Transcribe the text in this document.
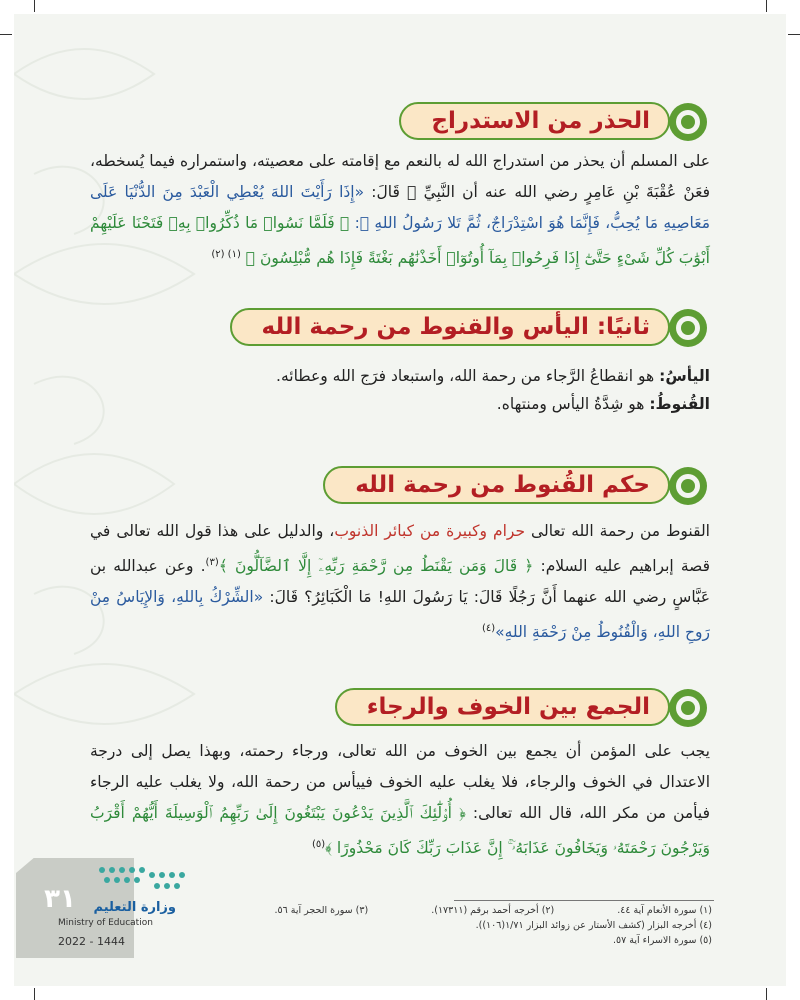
الحذر من الاستدراج
على المسلم أن يحذر من استدراج الله له بالنعم مع إقامته على معصيته، واستمراره فيما يُسخطه، فعَنْ عُقْبَةَ بْنِ عَامِرٍ رضي الله عنه أن النَّبِيِّ ﷺ قَالَ: «إِذَا رَأَيْتَ اللهَ يُعْطِي الْعَبْدَ مِنَ الدُّنْيَا عَلَى مَعَاصِيهِ مَا يُحِبُّ، فَإِنَّمَا هُوَ اسْتِدْرَاجٌ، ثُمَّ تَلا رَسُولُ اللهِ ﷺ: ﴿ فَلَمَّا نَسُوا۟ مَا ذُكِّرُوا۟ بِهِۦ فَتَحْنَا عَلَيْهِمْ أَبْوَٰبَ كُلِّ شَىْءٍ حَتَّىٰٓ إِذَا فَرِحُوا۟ بِمَآ أُوتُوٓا۟ أَخَذْنَٰهُم بَغْتَةً فَإِذَا هُم مُّبْلِسُونَ ﴾ $^{(١) (٢)}$
ثانيًا: اليأس والقنوط من رحمة الله
اليأسُ: هو انقطاعُ الرَّجاء من رحمة الله، واستبعاد فرَج الله وعطائه.
القُنوطُ: هو شِدَّةُ اليأس ومنتهاه.
حكم القُنوط من رحمة الله
القنوط من رحمة الله تعالى حرام وكبيرة من كبائر الذنوب، والدليل على هذا قول الله تعالى في قصة إبراهيم عليه السلام: ﴿ قَالَ وَمَن يَقْنَطُ مِن رَّحْمَةِ رَبِّهِۦٓ إِلَّا ٱلضَّآلُّونَ ﴾$^{(٣)}$. وعن عبدالله بن عَبَّاسٍ رضي الله عنهما أَنَّ رَجُلًا قَالَ: يَا رَسُولَ اللهِ! مَا الْكَبَائِرُ؟ قَالَ: «الشِّرْكُ بِاللهِ، وَالإِيَاسُ مِنْ رَوحِ اللهِ، وَالْقُنُوطُ مِنْ رَحْمَةِ اللهِ»$^{(٤)}$
الجمع بين الخوف والرجاء
يجب على المؤمن أن يجمع بين الخوف من الله تعالى، ورجاء رحمته، وبهذا يصل إلى درجة الاعتدال في الخوف والرجاء، فلا يغلب عليه الخوف فييأس من رحمة الله، ولا يغلب عليه الرجاء فيأمن من مكر الله، قال الله تعالى: ﴿ أُو۟لَٰٓئِكَ ٱلَّذِينَ يَدْعُونَ يَبْتَغُونَ إِلَىٰ رَبِّهِمُ ٱلْوَسِيلَةَ أَيُّهُمْ أَقْرَبُ وَيَرْجُونَ رَحْمَتَهُۥ وَيَخَافُونَ عَذَابَهُۥٓ ۚ إِنَّ عَذَابَ رَبِّكَ كَانَ مَحْذُورًا ﴾$^{(٥)}$
(١) سورة الأنعام آية ٤٤. (٢) أخرجه أحمد برقم (١٧٣١١). (٣) سورة الحجر آية ٥٦.
(٤) أخرجه البزار (كشف الأستار عن زوائد البزار ١/٧١(١٠٦)).
(٥) سورة الاسراء آية ٥٧.
٣١	وزارة التعليم
Ministry of Education
2022 - 1444
